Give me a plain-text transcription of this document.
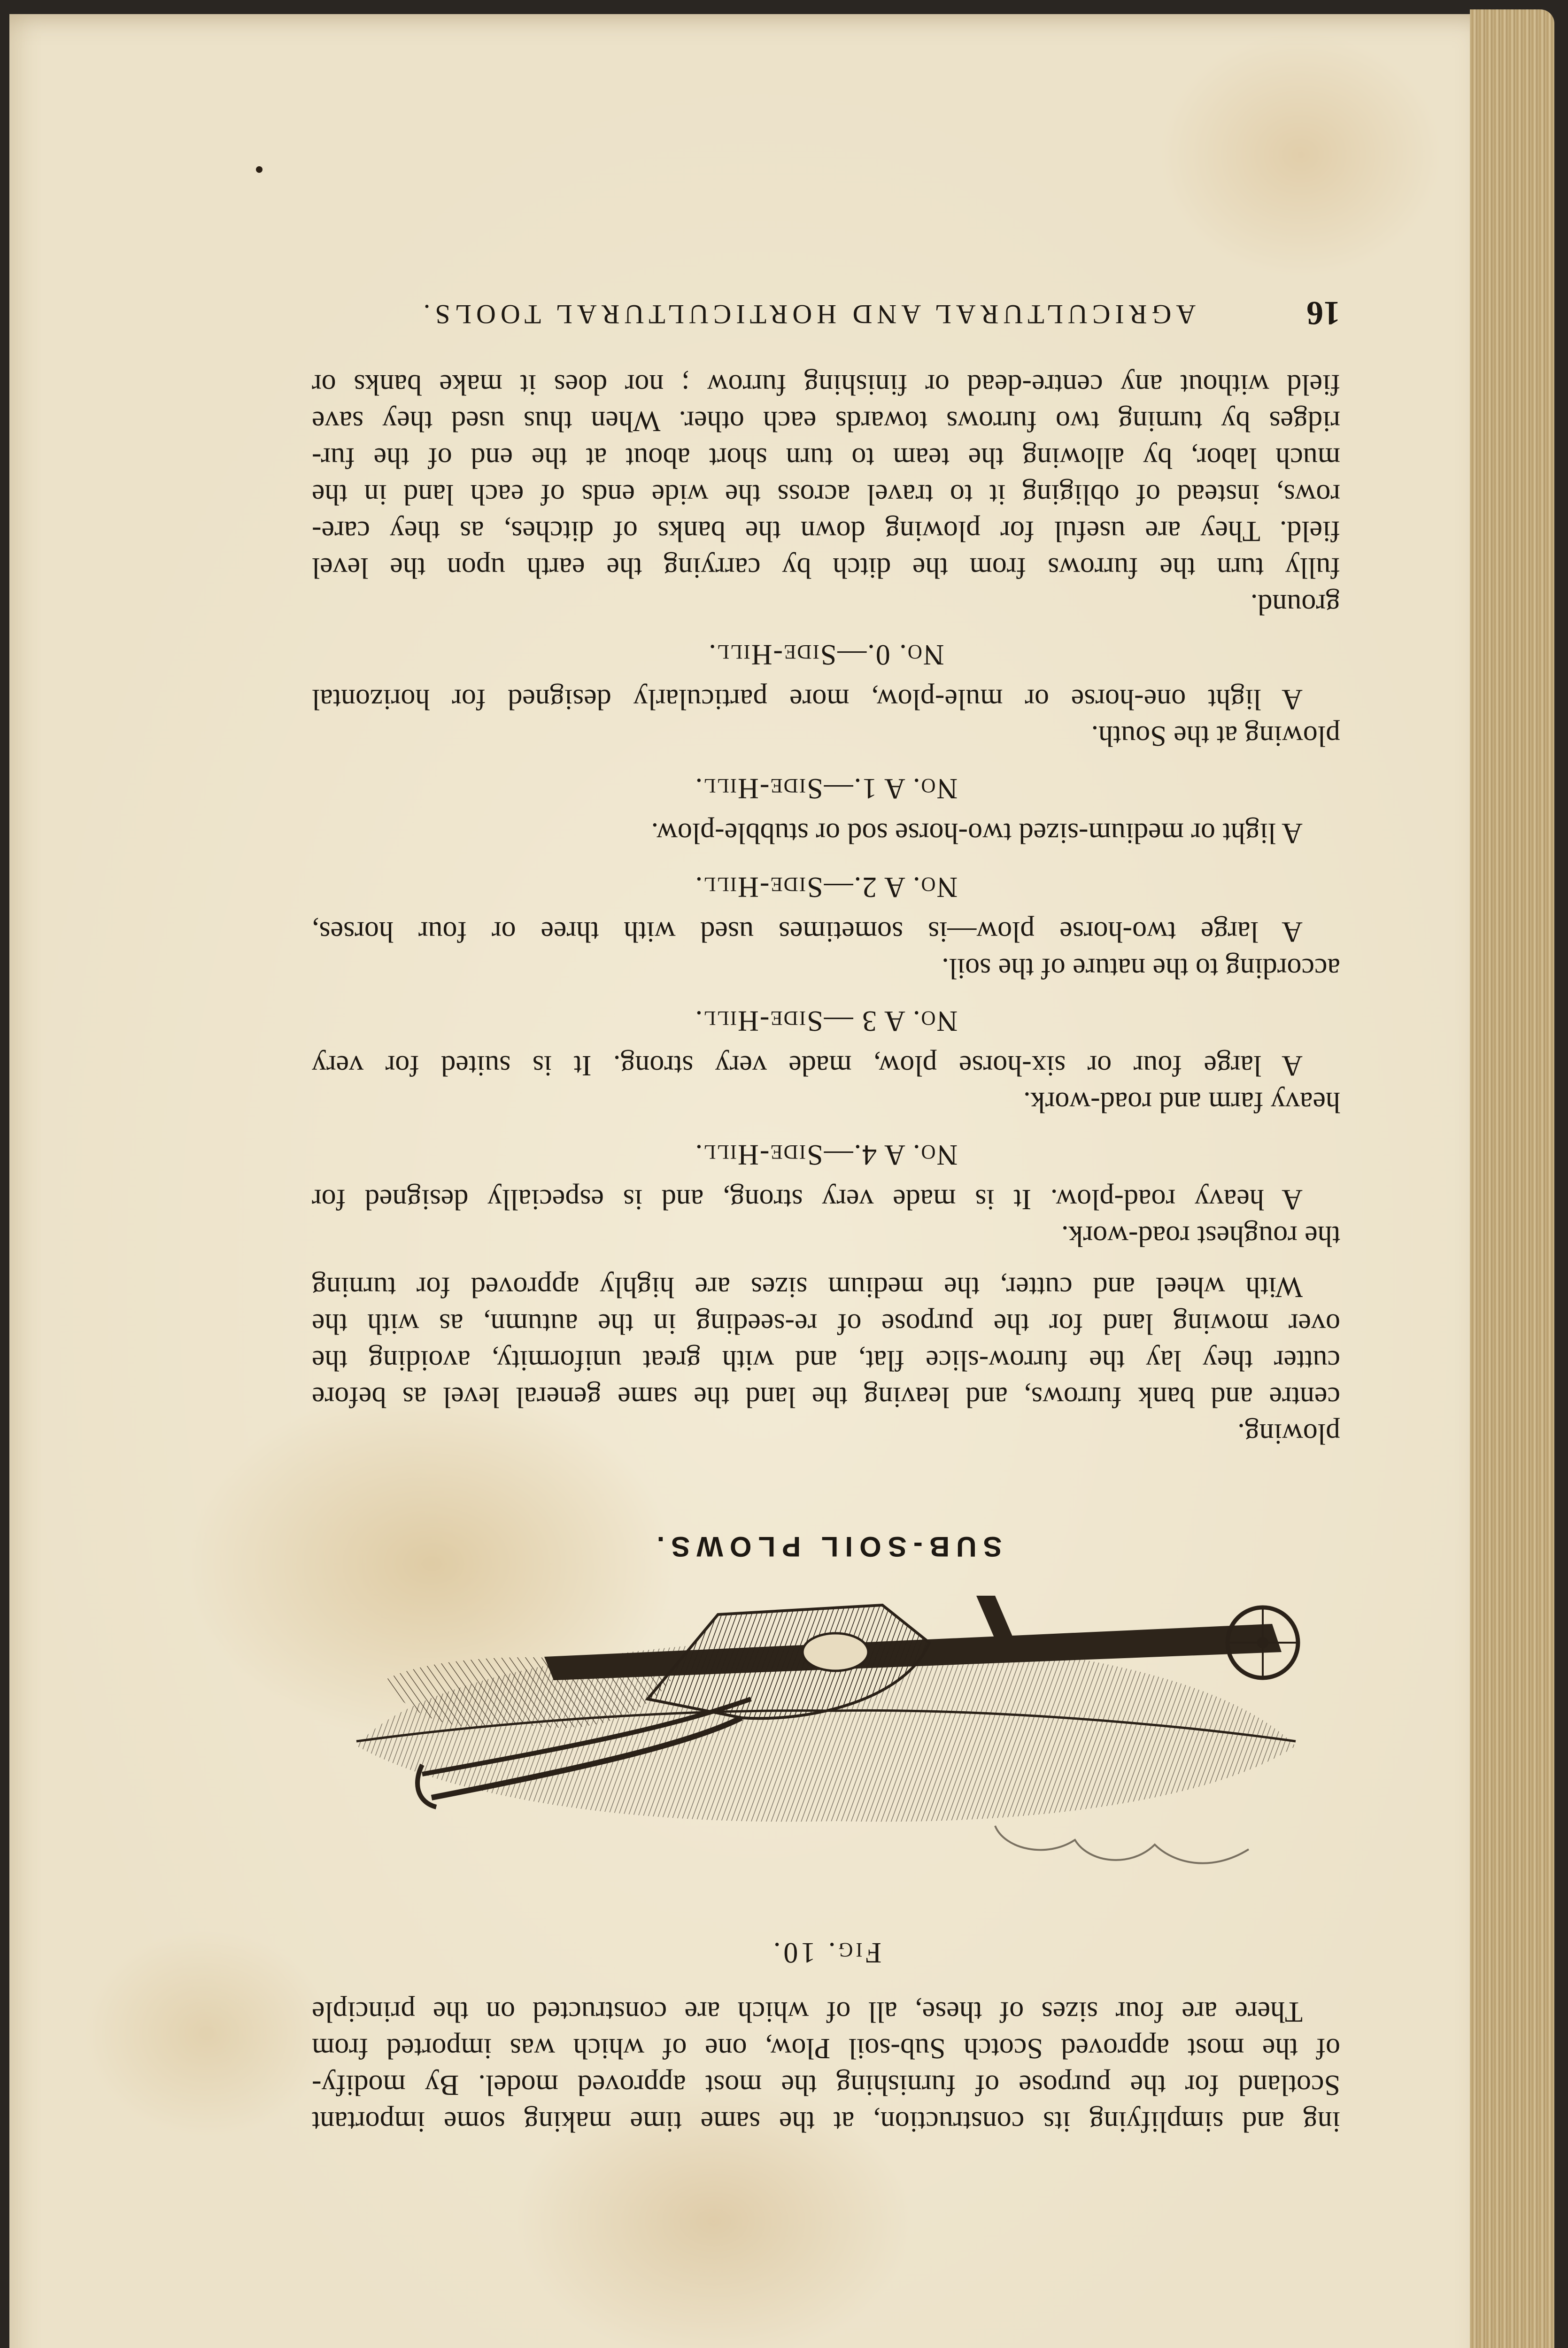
16
AGRICULTURAL AND HORTICULTURAL TOOLS.
field without any centre-dead or finishing furrow ; nor does it make banks or
ridges by turning two furrows towards each other. When thus used they save
much labor, by allowing the team to turn short about at the end of the fur-
rows, instead of obliging it to travel across the wide ends of each land in the
field. They are useful for plowing down the banks of ditches, as they care-
fully turn the furrows from the ditch by carrying the earth upon the level
ground.
No. 0.—Side-Hill.
A light one-horse or mule-plow, more particularly designed for horizontal
plowing at the South.
No. A 1.—Side-Hill.
A light or medium-sized two-horse sod or stubble-plow.
No. A 2.—Side-Hill.
A large two-horse plow—is sometimes used with three or four horses,
according to the nature of the soil.
No. A 3 —Side-Hill.
A large four or six-horse plow, made very strong. It is suited for very
heavy farm and road-work.
No. A 4.—Side-Hill.
A heavy road-plow. It is made very strong, and is especially designed for
the roughest road-work.
With wheel and cutter, the medium sizes are highly approved for turning
over mowing land for the purpose of re-seeding in the autumn, as with the
cutter they lay the furrow-slice flat, and with great uniformity, avoiding the
centre and bank furrows, and leaving the land the same general level as before
plowing.
SUB-SOIL PLOWS.
Fig. 10.
There are four sizes of these, all of which are constructed on the principle
of the most approved Scotch Sub-soil Plow, one of which was imported from
Scotland for the purpose of furnishing the most approved model. By modify-
ing and simplifying its construction, at the same time making some important
